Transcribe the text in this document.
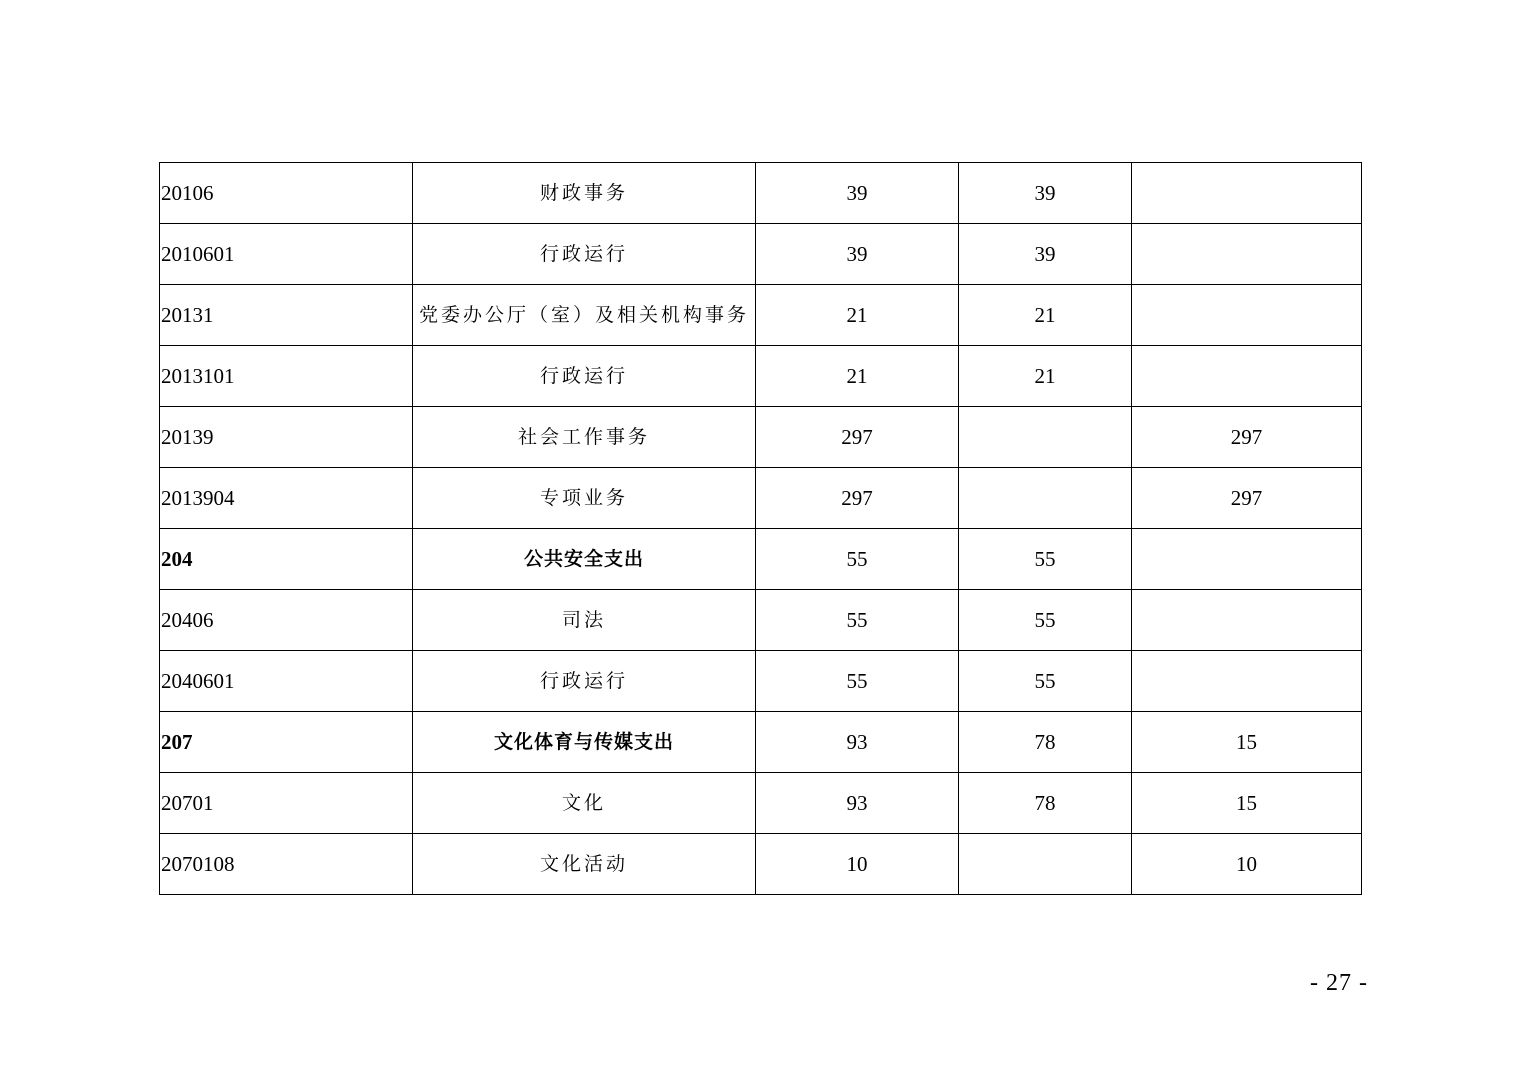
20106	财政事务	39	39	
2010601	行政运行	39	39	
20131	党委办公厅（室）及相关机构事务	21	21	
2013101	行政运行	21	21	
20139	社会工作事务	297		297
2013904	专项业务	297		297
204	公共安全支出	55	55	
20406	司法	55	55	
2040601	行政运行	55	55	
207	文化体育与传媒支出	93	78	15
20701	文化	93	78	15
2070108	文化活动	10		10
- 27 -
